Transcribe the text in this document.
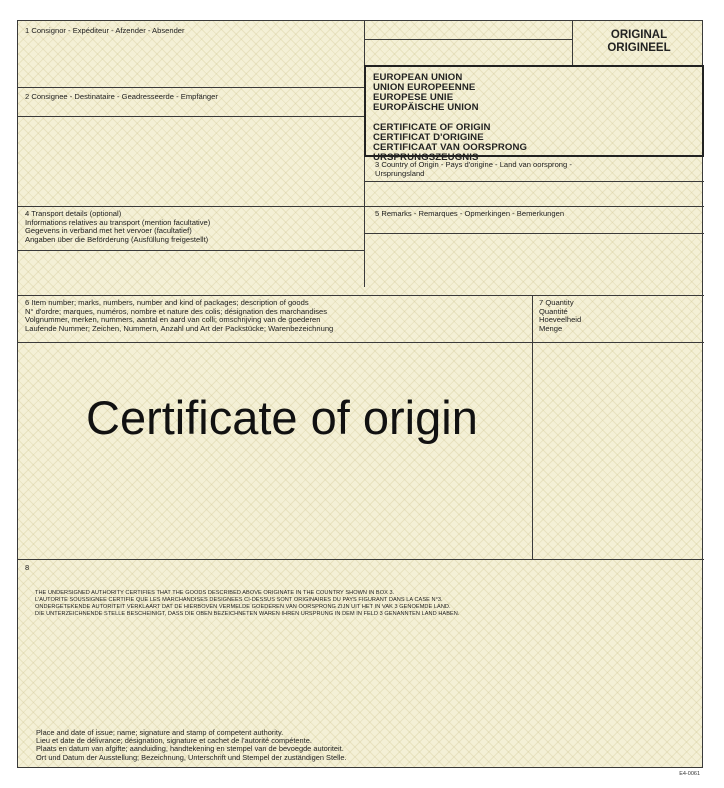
1 Consignor - Expéditeur - Afzender - Absender	ORIGINAL
ORIGINEEL
2 Consignee - Destinataire - Geadresseerde - Empfänger
EUROPEAN UNION
UNION EUROPEENNE
EUROPESE UNIE
EUROPÄISCHE UNION

CERTIFICATE OF ORIGIN
CERTIFICAT D'ORIGINE
CERTIFICAAT VAN OORSPRONG
URSPRUNGSZEUGNIS
3 Country of Origin - Pays d'origine - Land van oorsprong -
Ursprungsland
4 Transport details (optional)
Informations relatives au transport (mention facultative)
Gegevens in verband met het vervoer (facultatief)
Angaben über die Beförderung (Ausfüllung freigestellt)
5 Remarks - Remarques - Opmerkingen - Bemerkungen
6 Item number; marks, numbers, number and kind of packages; description of goods
N° d'ordre; marques, numéros, nombre et nature des colis; désignation des marchandises
Volgnummer, merken, nummers, aantal en aard van colli; omschrijving van de goederen
Laufende Nummer; Zeichen, Nummern, Anzahl und Art der Packstücke; Warenbezeichnung
7 Quantity
Quantité
Hoeveelheid
Menge
8
THE UNDERSIGNED AUTHORITY CERTIFIES THAT THE GOODS DESCRIBED ABOVE ORIGINATE IN THE COUNTRY SHOWN IN BOX 3.
L'AUTORITE SOUSSIGNEE CERTIFIE QUE LES MARCHANDISES DESIGNEES CI-DESSUS SONT ORIGINAIRES DU PAYS FIGURANT DANS LA CASE N°3.
ONDERGETEKENDE AUTORITEIT VERKLAART DAT DE HIERBOVEN VERMELDE GOEDEREN VAN OORSPRONG ZIJN UIT HET IN VAK 3 GENOEMDE LAND.
DIE UNTERZEICHNENDE STELLE BESCHEINIGT, DASS DIE OBEN BEZEICHNETEN WAREN IHREN URSPRUNG IN DEM IN FELD 3 GENANNTEN LAND HABEN.
Place and date of issue; name; signature and stamp of competent authority.
Lieu et date de délivrance; désignation, signature et cachet de l'autorité compétente.
Plaats en datum van afgifte; aanduiding, handtekening en stempel van de bevoegde autoriteit.
Ort und Datum der Ausstellung; Bezeichnung, Unterschrift und Stempel der zuständigen Stelle.
Certificate of origin
E4-0061
